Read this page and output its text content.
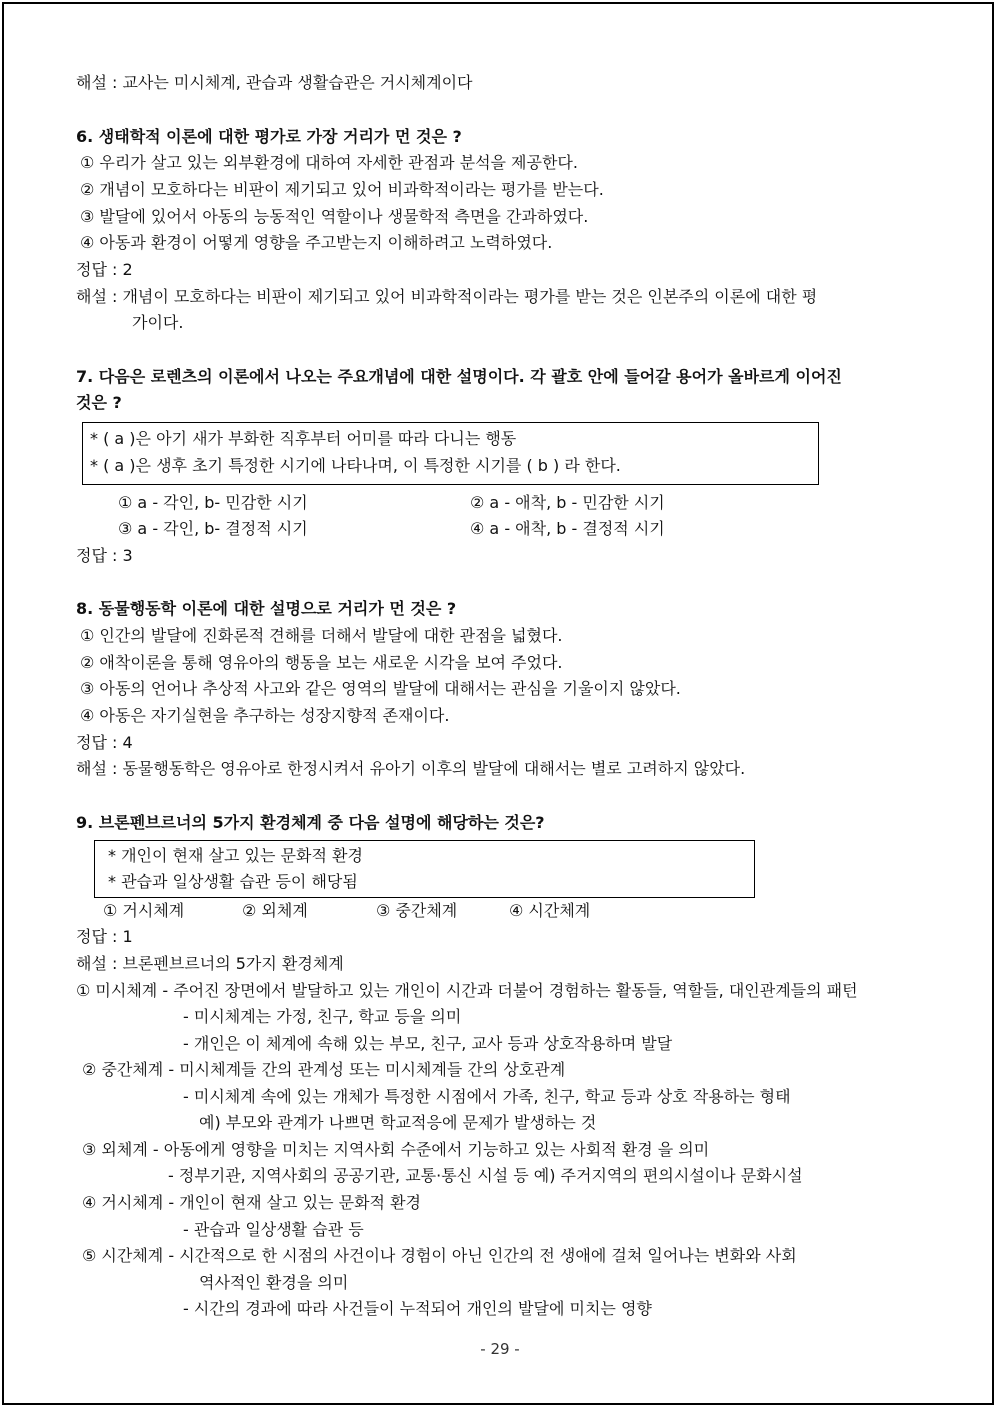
해설 : 교사는 미시체계, 관습과 생활습관은 거시체계이다
6. 생태학적 이론에 대한 평가로 가장 거리가 먼 것은 ?
① 우리가 살고 있는 외부환경에 대하여 자세한 관점과 분석을 제공한다.
② 개념이 모호하다는 비판이 제기되고 있어 비과학적이라는 평가를 받는다.
③ 발달에 있어서 아동의 능동적인 역할이나 생물학적 측면을 간과하였다.
④ 아동과 환경이 어떻게 영향을 주고받는지 이해하려고 노력하였다.
정답 : 2
해설 : 개념이 모호하다는 비판이 제기되고 있어 비과학적이라는 평가를 받는 것은 인본주의 이론에 대한 평
가이다.
7. 다음은 로렌츠의 이론에서 나오는 주요개념에 대한 설명이다. 각 괄호 안에 들어갈 용어가 올바르게 이어진
것은 ?
* ( a )은 아기 새가 부화한 직후부터 어미를 따라 다니는 행동
* ( a )은 생후 초기 특정한 시기에 나타나며, 이 특정한 시기를 ( b ) 라 한다.
① a - 각인, b- 민감한 시기	② a - 애착, b - 민감한 시기
③ a - 각인, b- 결정적 시기	④ a - 애착, b - 결정적 시기
정답 : 3
8. 동물행동학 이론에 대한 설명으로 거리가 먼 것은 ?
① 인간의 발달에 진화론적 견해를 더해서 발달에 대한 관점을 넓혔다.
② 애착이론을 통해 영유아의 행동을 보는 새로운 시각을 보여 주었다.
③ 아동의 언어나 추상적 사고와 같은 영역의 발달에 대해서는 관심을 기울이지 않았다.
④ 아동은 자기실현을 추구하는 성장지향적 존재이다.
정답 : 4
해설 : 동물행동학은 영유아로 한정시켜서 유아기 이후의 발달에 대해서는 별로 고려하지 않았다.
9. 브론펜브르너의 5가지 환경체계 중 다음 설명에 해당하는 것은?
* 개인이 현재 살고 있는 문화적 환경
* 관습과 일상생활 습관 등이 해당됨
① 거시체계	② 외체계	③ 중간체계	④ 시간체계
정답 : 1
해설 : 브론펜브르너의 5가지 환경체계
① 미시체계 - 주어진 장면에서 발달하고 있는 개인이 시간과 더불어 경험하는 활동들, 역할들, 대인관계들의 패턴
- 미시체계는 가정, 친구, 학교 등을 의미
- 개인은 이 체계에 속해 있는 부모, 친구, 교사 등과 상호작용하며 발달
② 중간체계 - 미시체계들 간의 관계성 또는 미시체계들 간의 상호관계
- 미시체계 속에 있는 개체가 특정한 시점에서 가족, 친구, 학교 등과 상호 작용하는 형태
예) 부모와 관계가 나쁘면 학교적응에 문제가 발생하는 것
③ 외체계 - 아동에게 영향을 미치는 지역사회 수준에서 기능하고 있는 사회적 환경 을 의미
- 정부기관, 지역사회의 공공기관, 교통·통신 시설 등 예) 주거지역의 편의시설이나 문화시설
④ 거시체계 - 개인이 현재 살고 있는 문화적 환경
- 관습과 일상생활 습관 등
⑤ 시간체계 - 시간적으로 한 시점의 사건이나 경험이 아닌 인간의 전 생애에 걸쳐 일어나는 변화와 사회
역사적인 환경을 의미
- 시간의 경과에 따라 사건들이 누적되어 개인의 발달에 미치는 영향
- 29 -
